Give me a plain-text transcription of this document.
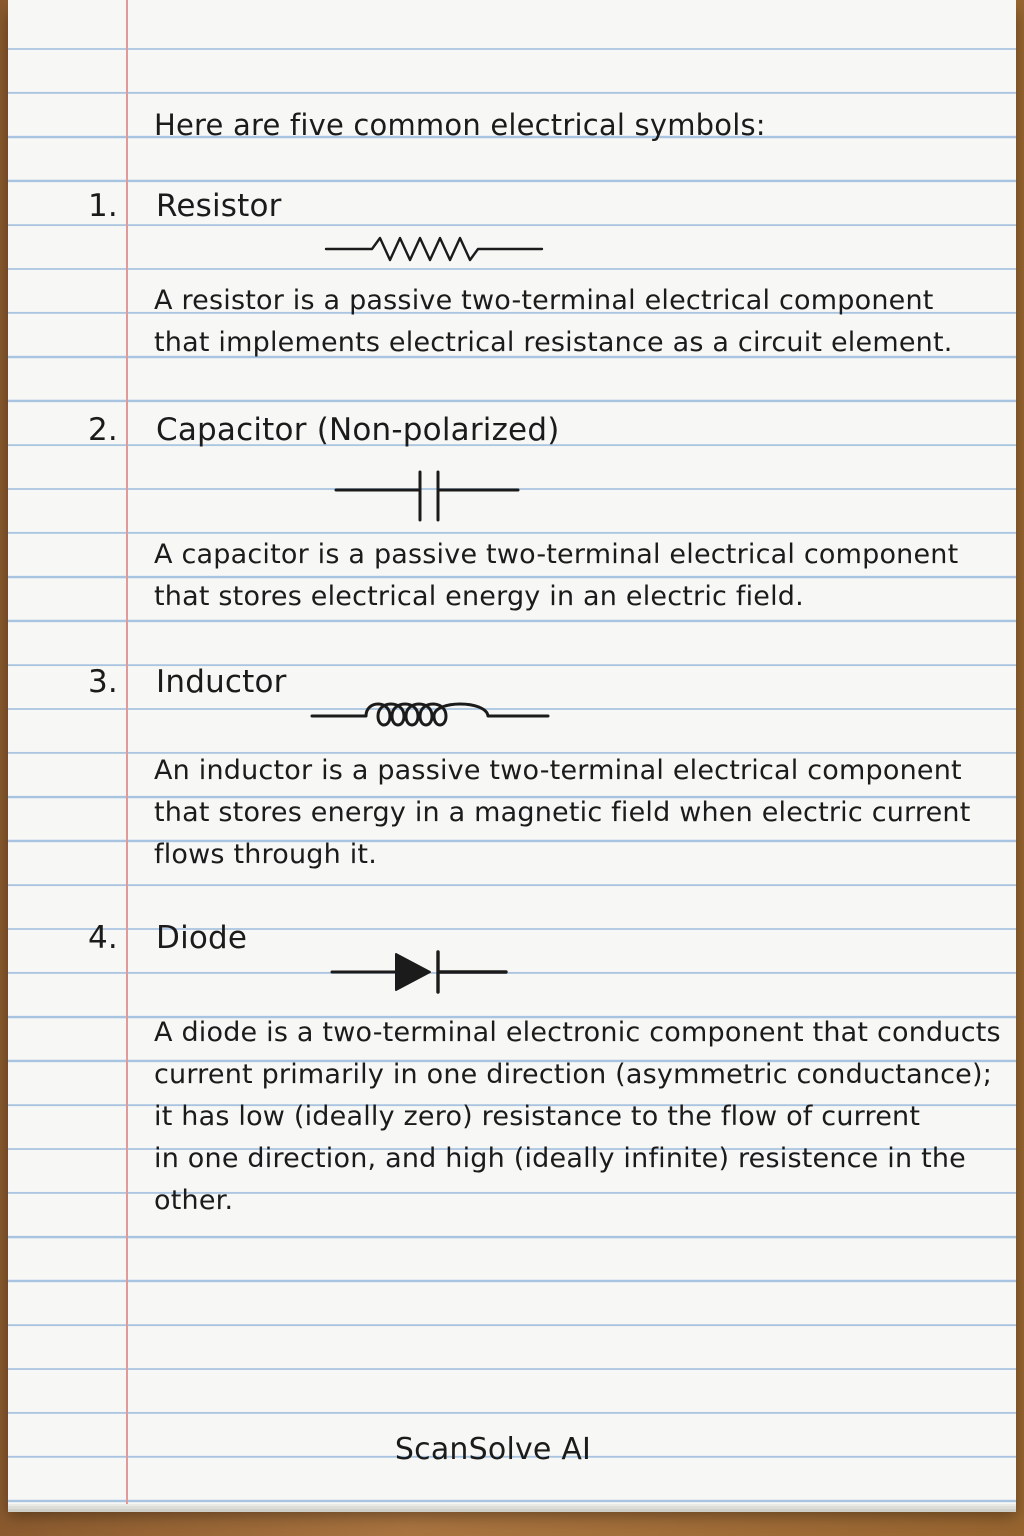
Here are five common electrical symbols:
1. Resistor
A resistor is a passive two-terminal electrical component
that implements electrical resistance as a circuit element.
2. Capacitor (Non-polarized)
A capacitor is a passive two-terminal electrical component
that stores electrical energy in an electric field.
3. Inductor
An inductor is a passive two-terminal electrical component
that stores energy in a magnetic field when electric current
flows through it.
4. Diode
A diode is a two-terminal electronic component that conducts
current primarily in one direction (asymmetric conductance);
it has low (ideally zero) resistance to the flow of current
in one direction, and high (ideally infinite) resistence in the
other.
ScanSolve AI
